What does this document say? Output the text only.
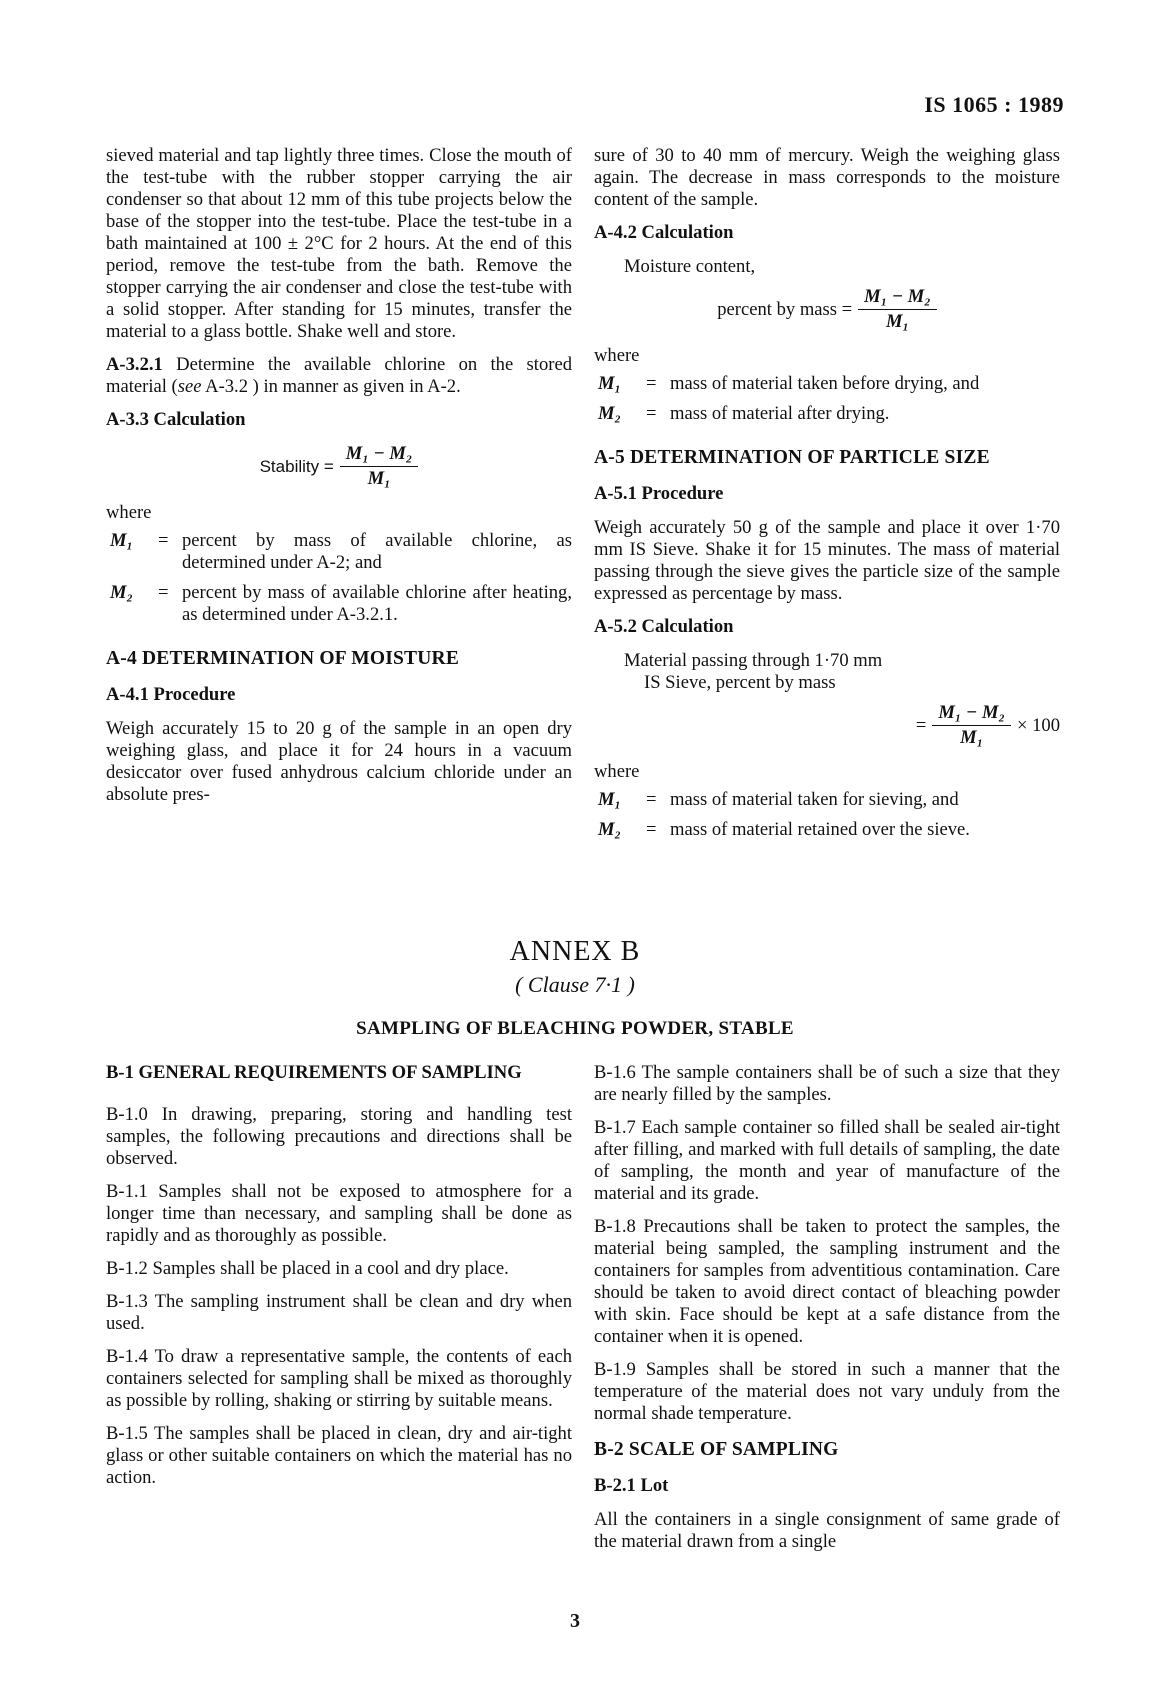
IS 1065 : 1989

sieved material and tap lightly three times. Close the mouth of the test-tube with the rubber stopper carrying the air condenser so that about 12 mm of this tube projects below the base of the stopper into the test-tube. Place the test-tube in a bath maintained at 100 ± 2°C for 2 hours. At the end of this period, remove the test-tube from the bath. Remove the stopper carrying the air condenser and close the test-tube with a solid stopper. After standing for 15 minutes, transfer the material to a glass bottle. Shake well and store.

A-3.2.1 Determine the available chlorine on the stored material (see A-3.2 ) in manner as given in A-2.

A-3.3 Calculation
Stability = $\frac{\text{M₁ − M₂}}{\text{M₁}}$
where
M₁	= percent by mass of available chlorine, as determined under A-2; and
M₂	= percent by mass of available chlorine after heating, as determined under A-3.2.1.
A-4 DETERMINATION OF MOISTURE
A-4.1 Procedure

Weigh accurately 15 to 20 g of the sample in an open dry weighing glass, and place it for 24 hours in a vacuum desiccator over fused anhydrous calcium chloride under an absolute pres-

sure of 30 to 40 mm of mercury. Weigh the weighing glass again. The decrease in mass corresponds to the moisture content of the sample.

A-4.2 Calculation
Moisture content,
percent by mass = $\frac{\text{M₁ − M₂}}{\text{M₁}}$
where
M₁	= mass of material taken before drying, and
M₂	= mass of material after drying.
A-5 DETERMINATION OF PARTICLE SIZE
A-5.1 Procedure

Weigh accurately 50 g of the sample and place it over 1·70 mm IS Sieve. Shake it for 15 minutes. The mass of material passing through the sieve gives the particle size of the sample expressed as percentage by mass.

A-5.2 Calculation
Material passing through 1·70 mm
IS Sieve, percent by mass
= $\frac{\text{M₁ − M₂}}{\text{M₁}} \times 100$
where
M₁	= mass of material taken for sieving, and
M₂	= mass of material retained over the sieve.
ANNEX B
( Clause 7·1 )
SAMPLING OF BLEACHING POWDER, STABLE
B-1 GENERAL REQUIREMENTS OF SAMPLING

B-1.0 In drawing, preparing, storing and handling test samples, the following precautions and directions shall be observed.

B-1.1 Samples shall not be exposed to atmosphere for a longer time than necessary, and sampling shall be done as rapidly and as thoroughly as possible.

B-1.2 Samples shall be placed in a cool and dry place.

B-1.3 The sampling instrument shall be clean and dry when used.

B-1.4 To draw a representative sample, the contents of each containers selected for sampling shall be mixed as thoroughly as possible by rolling, shaking or stirring by suitable means.

B-1.5 The samples shall be placed in clean, dry and air-tight glass or other suitable containers on which the material has no action.

B-1.6 The sample containers shall be of such a size that they are nearly filled by the samples.

B-1.7 Each sample container so filled shall be sealed air-tight after filling, and marked with full details of sampling, the date of sampling, the month and year of manufacture of the material and its grade.

B-1.8 Precautions shall be taken to protect the samples, the material being sampled, the sampling instrument and the containers for samples from adventitious contamination. Care should be taken to avoid direct contact of bleaching powder with skin. Face should be kept at a safe distance from the container when it is opened.

B-1.9 Samples shall be stored in such a manner that the temperature of the material does not vary unduly from the normal shade temperature.

B-2 SCALE OF SAMPLING
B-2.1 Lot

All the containers in a single consignment of same grade of the material drawn from a single

3
